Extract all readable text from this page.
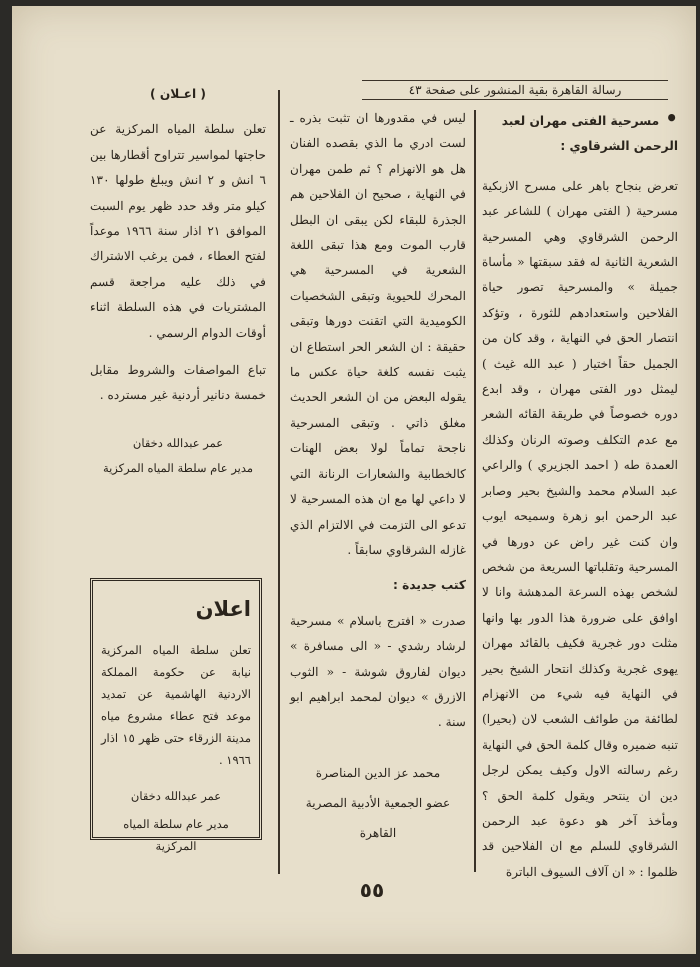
رسالة القاهرة بقية المنشور على صفحة ٤٣

•مسرحية الفتى مهران لعبد الرحمن الشرقاوي :

تعرض بنجاح باهر على مسرح الازبكية مسرحية ( الفتى مهران ) للشاعر عبد الرحمن الشرقاوي وهي المسرحية الشعرية الثانية له فقد سبقتها « مأساة جميلة » والمسرحية تصور حياة الفلاحين واستعدادهم للثورة ، وتؤكد انتصار الحق في النهاية ، وقد كان من الجميل حقاً اختيار ( عبد الله غيث ) ليمثل دور الفتى مهران ، وقد ابدع دوره خصوصاً في طريقة القائه الشعر مع عدم التكلف وصوته الرنان وكذلك العمدة طه ( احمد الجزيري ) والراعي عبد السلام محمد والشيخ بحير وصابر عبد الرحمن ابو زهرة وسميحه ايوب وان كنت غير راض عن دورها في المسرحية وتقلباتها السريعة من شخص لشخص بهذه السرعة المدهشة وانا لا اوافق على ضرورة هذا الدور بها وانها مثلت دور غجرية فكيف بالقائد مهران يهوى غجرية وكذلك انتحار الشيخ بحير في النهاية فيه شيء من الانهزام لطائفة من طوائف الشعب لان (بحيرا) تنبه ضميره وقال كلمة الحق في النهاية رغم رسالته الاول وكيف يمكن لرجل دين ان ينتحر ويقول كلمة الحق ؟ ومأخذ آخر هو دعوة عبد الرحمن الشرقاوي للسلم مع ان الفلاحين قد ظلموا : « ان آلاف السيوف الباترة

ليس في مقدورها ان تثبت بذره ـ لست ادري ما الذي بقصده الفنان هل هو الانهزام ؟ ثم طمن مهران في النهاية ، صحيح ان الفلاحين هم الجذرة للبقاء لكن يبقى ان البطل قارب الموت ومع هذا تبقى اللغة الشعرية في المسرحية هي المحرك للحيوية وتبقى الشخصيات الكوميدية التي اتقنت دورها وتبقى حقيقة : ان الشعر الحر استطاع ان يثبت نفسه كلغة حياة عكس ما يقوله البعض من ان الشعر الحديث مغلق ذاتي . وتبقى المسرحية ناجحة تماماً لولا بعض الهنات كالخطابية والشعارات الرنانة التي لا داعي لها مع ان هذه المسرحية لا تدعو الى التزمت في الالتزام الذي غازله الشرقاوي سابقاً .

كتب جديدة :

صدرت « افترج باسلام » مسرحية لرشاد رشدي - « الى مسافرة » ديوان لفاروق شوشة - « الثوب الازرق » ديوان لمحمد ابراهيم ابو سنة .

محمد عز الدين المناصرة

عضو الجمعية الأدبية المصرية

القاهرة

( اعـلان )

تعلن سلطة المياه المركزية عن حاجتها لمواسير تتراوح أقطارها بين ٦ انش و ٢ انش ويبلغ طولها ١٣٠ كيلو متر وقد حدد ظهر يوم السبت الموافق ٢١ اذار سنة ١٩٦٦ موعداً لفتح العطاء ، فمن يرغب الاشتراك في ذلك عليه مراجعة قسم المشتريات في هذه السلطة اثناء أوقات الدوام الرسمي .

تباع المواصفات والشروط مقابل خمسة دنانير أردنية غير مسترده .

عمر عبدالله دخقان

مدير عام سلطة المياه المركزية

اعلان

تعلن سلطة المياه المركزية نيابة عن حكومة المملكة الاردنية الهاشمية عن تمديد موعد فتح عطاء مشروع مياه مدينة الزرقاء حتى ظهر ١٥ اذار ١٩٦٦ .

عمر عبدالله دخقان

مدير عام سلطة المياه المركزية

٥٥
